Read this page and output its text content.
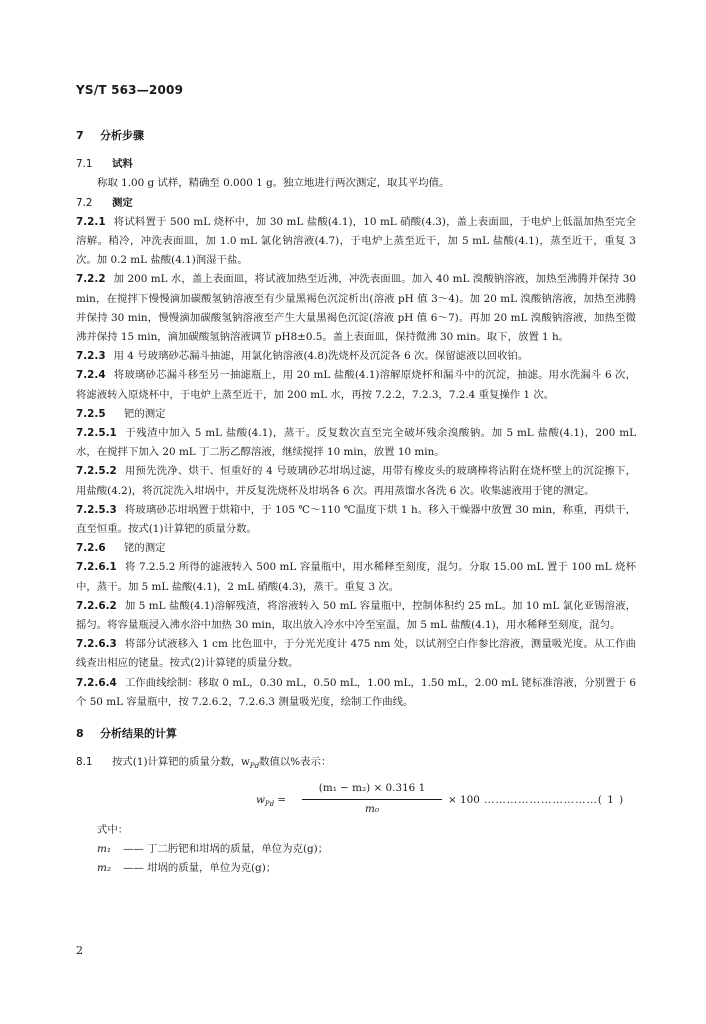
YS/T 563—2009
7 分析步骤
7.1 试料
称取 1.00 g 试样，精确至 0.000 1 g。独立地进行两次测定，取其平均值。
7.2 测定
7.2.1 将试料置于 500 mL 烧杯中，加 30 mL 盐酸(4.1)，10 mL 硝酸(4.3)，盖上表面皿，于电炉上低温加热至完全溶解。稍冷，冲洗表面皿，加 1.0 mL 氯化钠溶液(4.7)，于电炉上蒸至近干，加 5 mL 盐酸(4.1)，蒸至近干，重复 3 次。加 0.2 mL 盐酸(4.1)润湿干盐。
7.2.2 加 200 mL 水，盖上表面皿，将试液加热至近沸，冲洗表面皿。加入 40 mL 溴酸钠溶液，加热至沸腾并保持 30 min，在搅拌下慢慢滴加碳酸氢钠溶液至有少量黑褐色沉淀析出(溶液 pH 值 3～4)。加 20 mL 溴酸钠溶液，加热至沸腾并保持 30 min，慢慢滴加碳酸氢钠溶液至产生大量黑褐色沉淀(溶液 pH 值 6～7)。再加 20 mL 溴酸钠溶液，加热至微沸并保持 15 min，滴加碳酸氢钠溶液调节 pH8±0.5。盖上表面皿，保持微沸 30 min。取下，放置 1 h。
7.2.3 用 4 号玻璃砂芯漏斗抽滤，用氯化钠溶液(4.8)洗烧杯及沉淀各 6 次。保留滤液以回收铂。
7.2.4 将玻璃砂芯漏斗移至另一抽滤瓶上，用 20 mL 盐酸(4.1)溶解原烧杯和漏斗中的沉淀，抽滤。用水洗漏斗 6 次，将滤液转入原烧杯中，于电炉上蒸至近干，加 200 mL 水，再按 7.2.2，7.2.3，7.2.4 重复操作 1 次。
7.2.5 钯的测定
7.2.5.1 于残渣中加入 5 mL 盐酸(4.1)，蒸干。反复数次直至完全破坏残余溴酸钠。加 5 mL 盐酸(4.1)，200 mL 水，在搅拌下加入 20 mL 丁二肟乙醇溶液，继续搅拌 10 min，放置 10 min。
7.2.5.2 用预先洗净、烘干、恒重好的 4 号玻璃砂芯坩埚过滤，用带有橡皮头的玻璃棒将沾附在烧杯壁上的沉淀擦下，用盐酸(4.2)，将沉淀洗入坩埚中，并反复洗烧杯及坩埚各 6 次。再用蒸馏水各洗 6 次。收集滤液用于铑的测定。
7.2.5.3 将玻璃砂芯坩埚置于烘箱中，于 105 ℃～110 ℃温度下烘 1 h。移入干燥器中放置 30 min，称重，再烘干，直至恒重。按式(1)计算钯的质量分数。
7.2.6 铑的测定
7.2.6.1 将 7.2.5.2 所得的滤液转入 500 mL 容量瓶中，用水稀释至刻度，混匀。分取 15.00 mL 置于 100 mL 烧杯中，蒸干。加 5 mL 盐酸(4.1)，2 mL 硝酸(4.3)，蒸干。重复 3 次。
7.2.6.2 加 5 mL 盐酸(4.1)溶解残渣，将溶液转入 50 mL 容量瓶中，控制体积约 25 mL。加 10 mL 氯化亚锡溶液，摇匀。将容量瓶浸入沸水浴中加热 30 min，取出放入冷水中冷至室温，加 5 mL 盐酸(4.1)，用水稀释至刻度，混匀。
7.2.6.3 将部分试液移入 1 cm 比色皿中，于分光光度计 475 nm 处，以试剂空白作参比溶液，测量吸光度。从工作曲线查出相应的铑量。按式(2)计算铑的质量分数。
7.2.6.4 工作曲线绘制：移取 0 mL，0.30 mL，0.50 mL，1.00 mL，1.50 mL，2.00 mL 铑标准溶液，分别置于 6 个 50 mL 容量瓶中，按 7.2.6.2，7.2.6.3 测量吸光度，绘制工作曲线。
8 分析结果的计算
8.1 按式(1)计算钯的质量分数，$w_{Pd}$数值以%表示：
$w_{Pd} = \frac{\text{(m₁ − m₂) × 0.316 1}}{\text{m₀}} \times 100$ …………………………( 1 )
式中：
m₁ —— 丁二肟钯和坩埚的质量，单位为克(g)；
m₂ —— 坩埚的质量，单位为克(g)；
2
